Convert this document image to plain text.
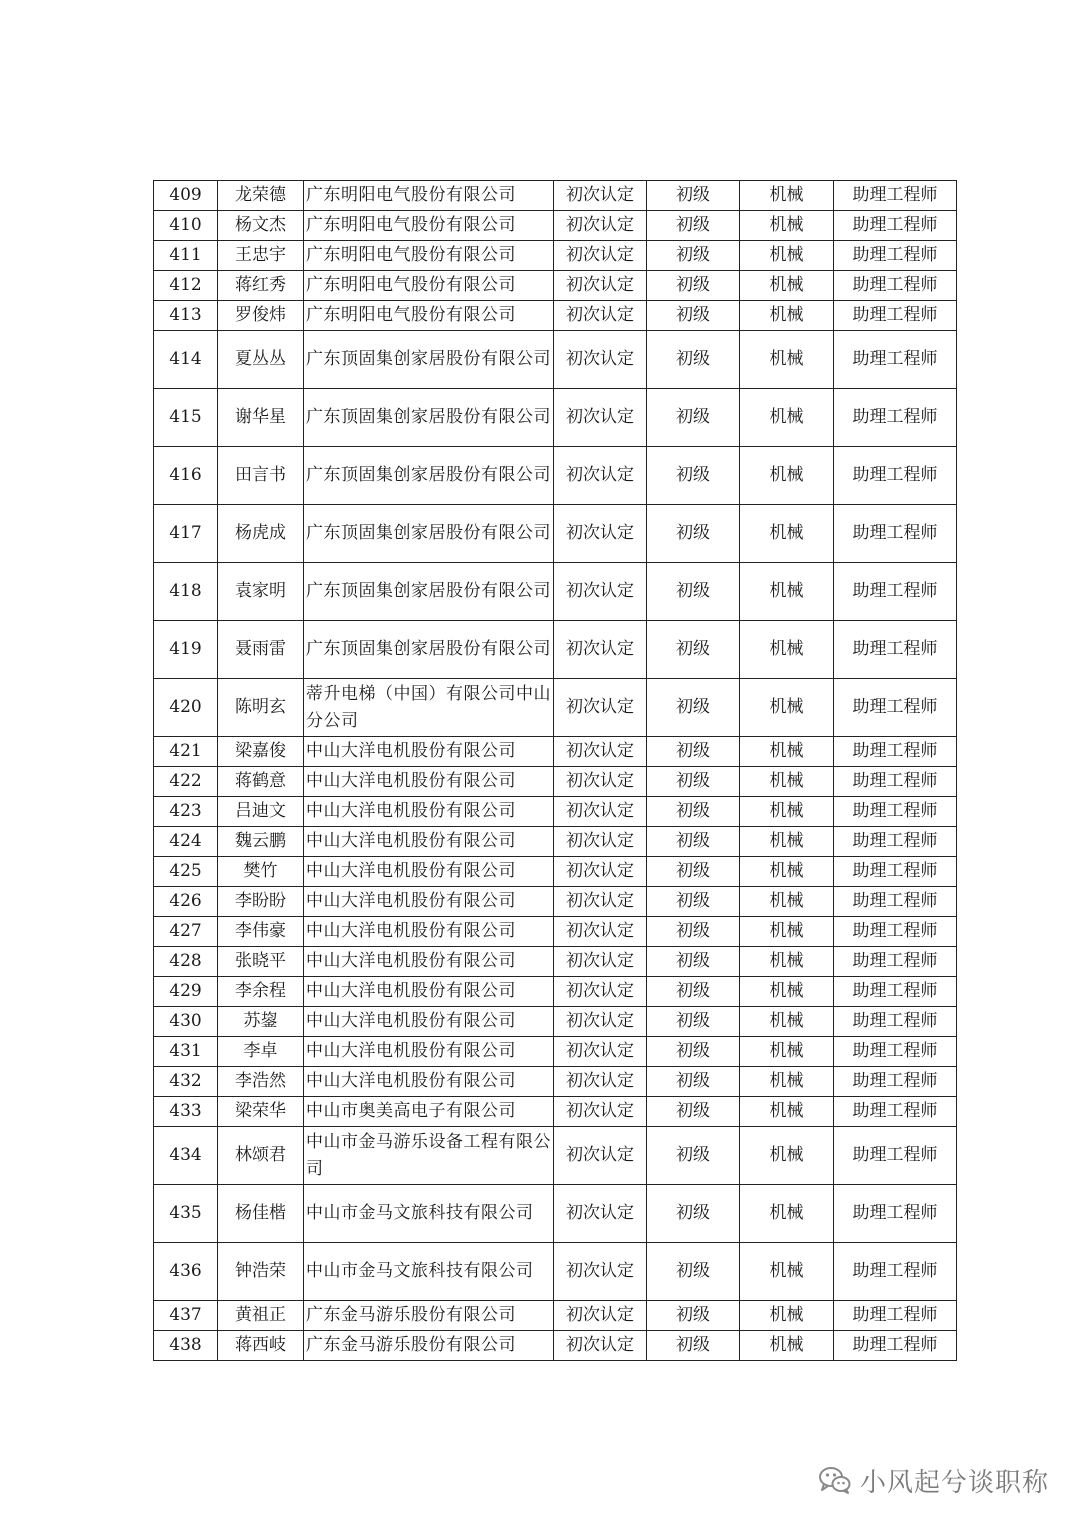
409	龙荣德	广东明阳电气股份有限公司	初次认定	初级	机械	助理工程师
410	杨文杰	广东明阳电气股份有限公司	初次认定	初级	机械	助理工程师
411	王忠宇	广东明阳电气股份有限公司	初次认定	初级	机械	助理工程师
412	蒋红秀	广东明阳电气股份有限公司	初次认定	初级	机械	助理工程师
413	罗俊炜	广东明阳电气股份有限公司	初次认定	初级	机械	助理工程师
414	夏丛丛	广东顶固集创家居股份有限公司	初次认定	初级	机械	助理工程师
415	谢华星	广东顶固集创家居股份有限公司	初次认定	初级	机械	助理工程师
416	田言书	广东顶固集创家居股份有限公司	初次认定	初级	机械	助理工程师
417	杨虎成	广东顶固集创家居股份有限公司	初次认定	初级	机械	助理工程师
418	袁家明	广东顶固集创家居股份有限公司	初次认定	初级	机械	助理工程师
419	聂雨雷	广东顶固集创家居股份有限公司	初次认定	初级	机械	助理工程师
420	陈明玄	蒂升电梯（中国）有限公司中山分公司	初次认定	初级	机械	助理工程师
421	梁嘉俊	中山大洋电机股份有限公司	初次认定	初级	机械	助理工程师
422	蒋鹤意	中山大洋电机股份有限公司	初次认定	初级	机械	助理工程师
423	吕迪文	中山大洋电机股份有限公司	初次认定	初级	机械	助理工程师
424	魏云鹏	中山大洋电机股份有限公司	初次认定	初级	机械	助理工程师
425	樊竹	中山大洋电机股份有限公司	初次认定	初级	机械	助理工程师
426	李盼盼	中山大洋电机股份有限公司	初次认定	初级	机械	助理工程师
427	李伟豪	中山大洋电机股份有限公司	初次认定	初级	机械	助理工程师
428	张晓平	中山大洋电机股份有限公司	初次认定	初级	机械	助理工程师
429	李余程	中山大洋电机股份有限公司	初次认定	初级	机械	助理工程师
430	苏鋆	中山大洋电机股份有限公司	初次认定	初级	机械	助理工程师
431	李卓	中山大洋电机股份有限公司	初次认定	初级	机械	助理工程师
432	李浩然	中山大洋电机股份有限公司	初次认定	初级	机械	助理工程师
433	梁荣华	中山市奥美高电子有限公司	初次认定	初级	机械	助理工程师
434	林颂君	中山市金马游乐设备工程有限公司	初次认定	初级	机械	助理工程师
435	杨佳楷	中山市金马文旅科技有限公司	初次认定	初级	机械	助理工程师
436	钟浩荣	中山市金马文旅科技有限公司	初次认定	初级	机械	助理工程师
437	黄祖正	广东金马游乐股份有限公司	初次认定	初级	机械	助理工程师
438	蒋西岐	广东金马游乐股份有限公司	初次认定	初级	机械	助理工程师
小风起兮谈职称
